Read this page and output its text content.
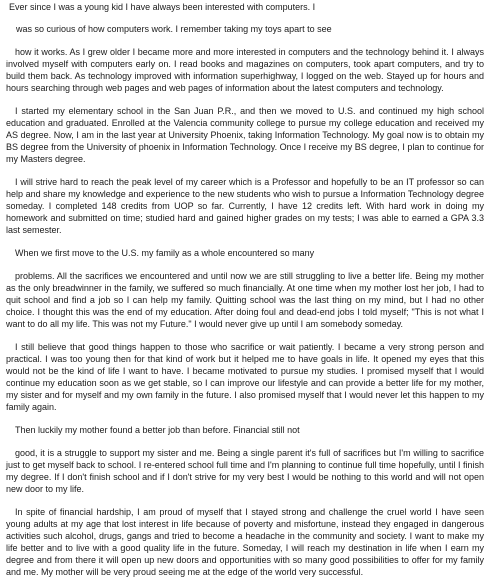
Ever since I was a young kid I have always been interested with computers. I

was so curious of how computers work. I remember taking my toys apart to see

how it works. As I grew older I became more and more interested in computers and the technology behind it. I always involved myself with computers early on. I read books and magazines on computers, took apart computers, and try to build them back. As technology improved with information superhighway, I logged on the web. Stayed up for hours and hours searching through web pages and web pages of information about the latest computers and technology.

I started my elementary school in the San Juan P.R., and then we moved to U.S. and continued my high school education and graduated. Enrolled at the Valencia community college to pursue my college education and received my AS degree. Now, I am in the last year at University Phoenix, taking Information Technology. My goal now is to obtain my BS degree from the University of phoenix in Information Technology. Once I receive my BS degree, I plan to continue for my Masters degree.

I will strive hard to reach the peak level of my career which is a Professor and hopefully to be an IT professor so can help and share my knowledge and experience to the new students who wish to pursue a Information Technology degree someday. I completed 148 credits from UOP so far. Currently, I have 12 credits left. With hard work in doing my homework and submitted on time; studied hard and gained higher grades on my tests; I was able to earned a GPA 3.3 last semester.

When we first move to the U.S. my family as a whole encountered so many

problems. All the sacrifices we encountered and until now we are still struggling to live a better life. Being my mother as the only breadwinner in the family, we suffered so much financially. At one time when my mother lost her job, I had to quit school and find a job so I can help my family. Quitting school was the last thing on my mind, but I had no other choice. I thought this was the end of my education. After doing foul and dead-end jobs I told myself; "This is not what I want to do all my life. This was not my Future." I would never give up until I am somebody someday.

I still believe that good things happen to those who sacrifice or wait patiently. I became a very strong person and practical. I was too young then for that kind of work but it helped me to have goals in life. It opened my eyes that this would not be the kind of life I want to have. I became motivated to pursue my studies. I promised myself that I would continue my education soon as we get stable, so I can improve our lifestyle and can provide a better life for my mother, my sister and for myself and my own family in the future. I also promised myself that I would never let this happen to my family again.

Then luckily my mother found a better job than before. Financial still not

good, it is a struggle to support my sister and me. Being a single parent it's full of sacrifices but I'm willing to sacrifice just to get myself back to school. I re-entered school full time and I'm planning to continue full time hopefully, until I finish my degree. If I don't finish school and if I don't strive for my very best I would be nothing to this world and will not open new door to my life.

In spite of financial hardship, I am proud of myself that I stayed strong and challenge the cruel world I have seen young adults at my age that lost interest in life because of poverty and misfortune, instead they engaged in dangerous activities such alcohol, drugs, gangs and tried to become a headache in the community and society. I want to make my life better and to live with a good quality life in the future. Someday, I will reach my destination in life when I earn my degree and from there it will open up new doors and opportunities with so many good possibilities to offer for my family and me. My mother will be very proud seeing me at the edge of the world very successful.
